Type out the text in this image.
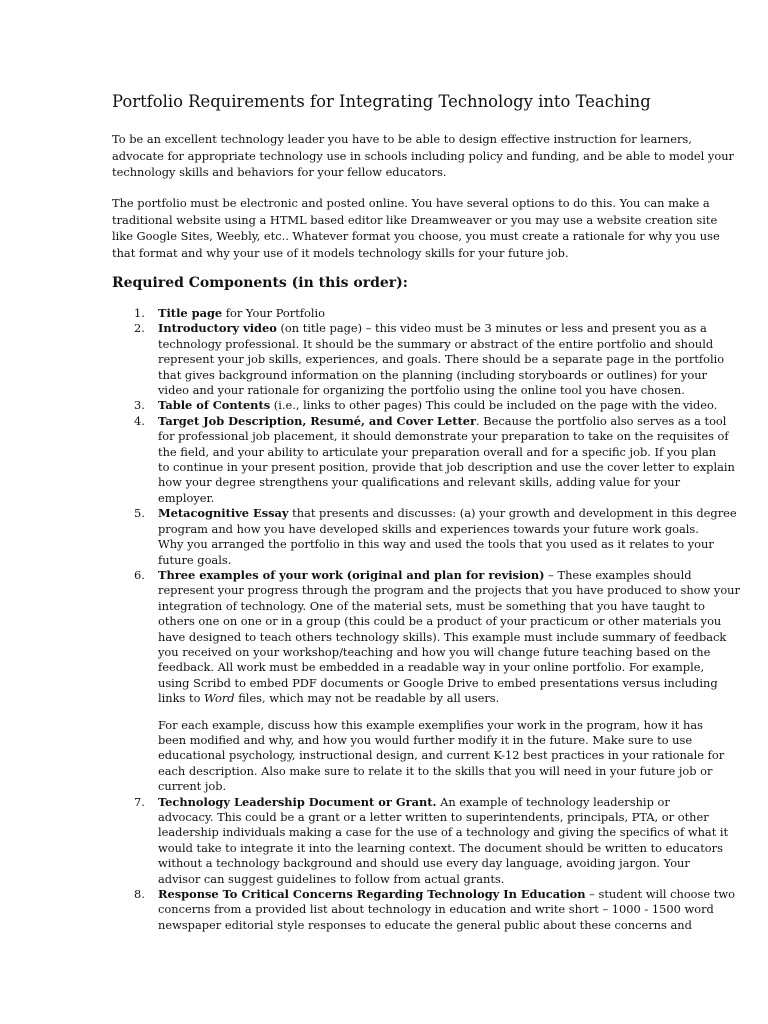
Portfolio Requirements for Integrating Technology into Teaching
To be an excellent technology leader you have to be able to design effective instruction for learners,
advocate for appropriate technology use in schools including policy and funding, and be able to model your
technology skills and behaviors for your fellow educators.
The portfolio must be electronic and posted online. You have several options to do this. You can make a
traditional website using a HTML based editor like Dreamweaver or you may use a website creation site
like Google Sites, Weebly, etc.. Whatever format you choose, you must create a rationale for why you use
that format and why your use of it models technology skills for your future job.
Required Components (in this order):
1. Title page for Your Portfolio
2. Introductory video (on title page) – this video must be 3 minutes or less and present you as a
technology professional. It should be the summary or abstract of the entire portfolio and should
represent your job skills, experiences, and goals. There should be a separate page in the portfolio
that gives background information on the planning (including storyboards or outlines) for your
video and your rationale for organizing the portfolio using the online tool you have chosen.
3. Table of Contents (i.e., links to other pages) This could be included on the page with the video.
4. Target Job Description, Resumé, and Cover Letter. Because the portfolio also serves as a tool
for professional job placement, it should demonstrate your preparation to take on the requisites of
the field, and your ability to articulate your preparation overall and for a specific job. If you plan
to continue in your present position, provide that job description and use the cover letter to explain
how your degree strengthens your qualifications and relevant skills, adding value for your
employer.
5. Metacognitive Essay that presents and discusses: (a) your growth and development in this degree
program and how you have developed skills and experiences towards your future work goals.
Why you arranged the portfolio in this way and used the tools that you used as it relates to your
future goals.
6. Three examples of your work (original and plan for revision) – These examples should
represent your progress through the program and the projects that you have produced to show your
integration of technology. One of the material sets, must be something that you have taught to
others one on one or in a group (this could be a product of your practicum or other materials you
have designed to teach others technology skills). This example must include summary of feedback
you received on your workshop/teaching and how you will change future teaching based on the
feedback. All work must be embedded in a readable way in your online portfolio. For example,
using Scribd to embed PDF documents or Google Drive to embed presentations versus including
links to Word files, which may not be readable by all users.
For each example, discuss how this example exemplifies your work in the program, how it has
been modified and why, and how you would further modify it in the future. Make sure to use
educational psychology, instructional design, and current K-12 best practices in your rationale for
each description. Also make sure to relate it to the skills that you will need in your future job or
current job.
7. Technology Leadership Document or Grant. An example of technology leadership or
advocacy. This could be a grant or a letter written to superintendents, principals, PTA, or other
leadership individuals making a case for the use of a technology and giving the specifics of what it
would take to integrate it into the learning context. The document should be written to educators
without a technology background and should use every day language, avoiding jargon. Your
advisor can suggest guidelines to follow from actual grants.
8. Response To Critical Concerns Regarding Technology In Education – student will choose two
concerns from a provided list about technology in education and write short – 1000 - 1500 word
newspaper editorial style responses to educate the general public about these concerns and
